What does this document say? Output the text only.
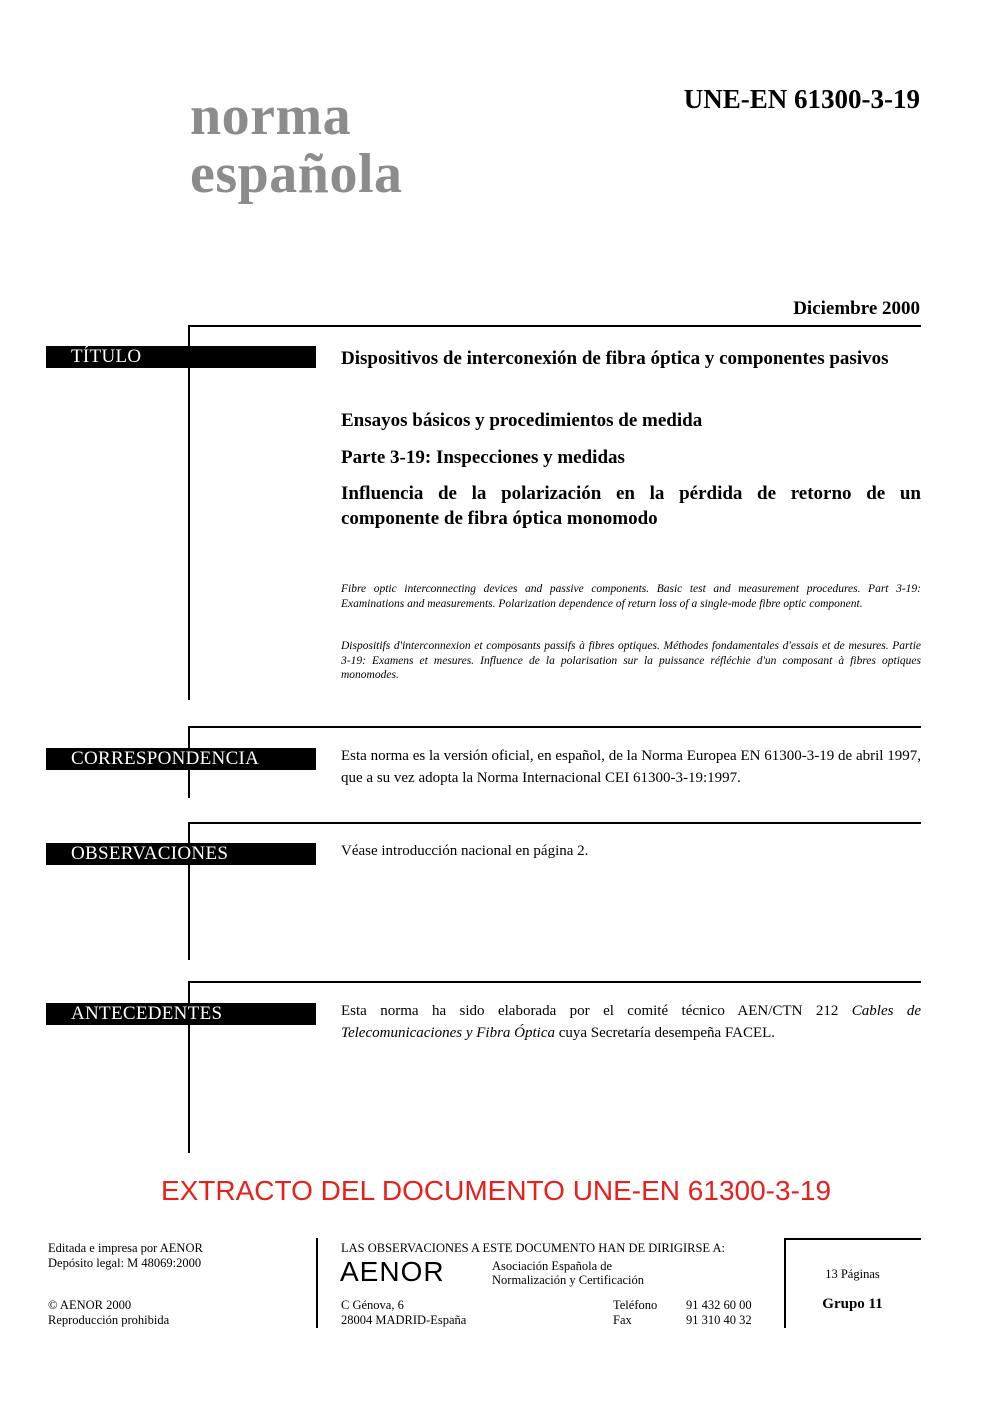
norma
española
UNE-EN 61300-3-19
Diciembre 2000
TÍTULO	Dispositivos de interconexión de fibra óptica y componentes pasivos
Ensayos básicos y procedimientos de medida
Parte 3-19: Inspecciones y medidas
Influencia de la polarización en la pérdida de retorno de un componente de fibra óptica monomodo
Fibre optic interconnecting devices and passive components. Basic test and measurement procedures. Part 3-19: Examinations and measurements. Polarization dependence of return loss of a single-mode fibre optic component.
Dispositifs d'interconnexion et composants passifs à fibres optiques. Méthodes fondamentales d'essais et de mesures. Partie 3-19: Examens et mesures. Influence de la polarisation sur la puissance réfléchie d'un composant à fibres optiques monomodes.
CORRESPONDENCIA	Esta norma es la versión oficial, en español, de la Norma Europea EN 61300-3-19 de abril 1997, que a su vez adopta la Norma Internacional CEI 61300-3-19:1997.
OBSERVACIONES	Véase introducción nacional en página 2.
ANTECEDENTES	Esta norma ha sido elaborada por el comité técnico AEN/CTN 212 Cables de Telecomunicaciones y Fibra Óptica cuya Secretaría desempeña FACEL.
EXTRACTO DEL DOCUMENTO UNE-EN 61300-3-19
Editada e impresa por AENOR
Depósito legal: M 48069:2000
© AENOR 2000
Reproducción prohibida
LAS OBSERVACIONES A ESTE DOCUMENTO HAN DE DIRIGIRSE A:
AENOR	Asociación Española de
Normalización y Certificación
C Génova, 6
28004 MADRID-España
Teléfono 91 432 60 00
Fax	91 310 40 32
13 Páginas
Grupo 11
